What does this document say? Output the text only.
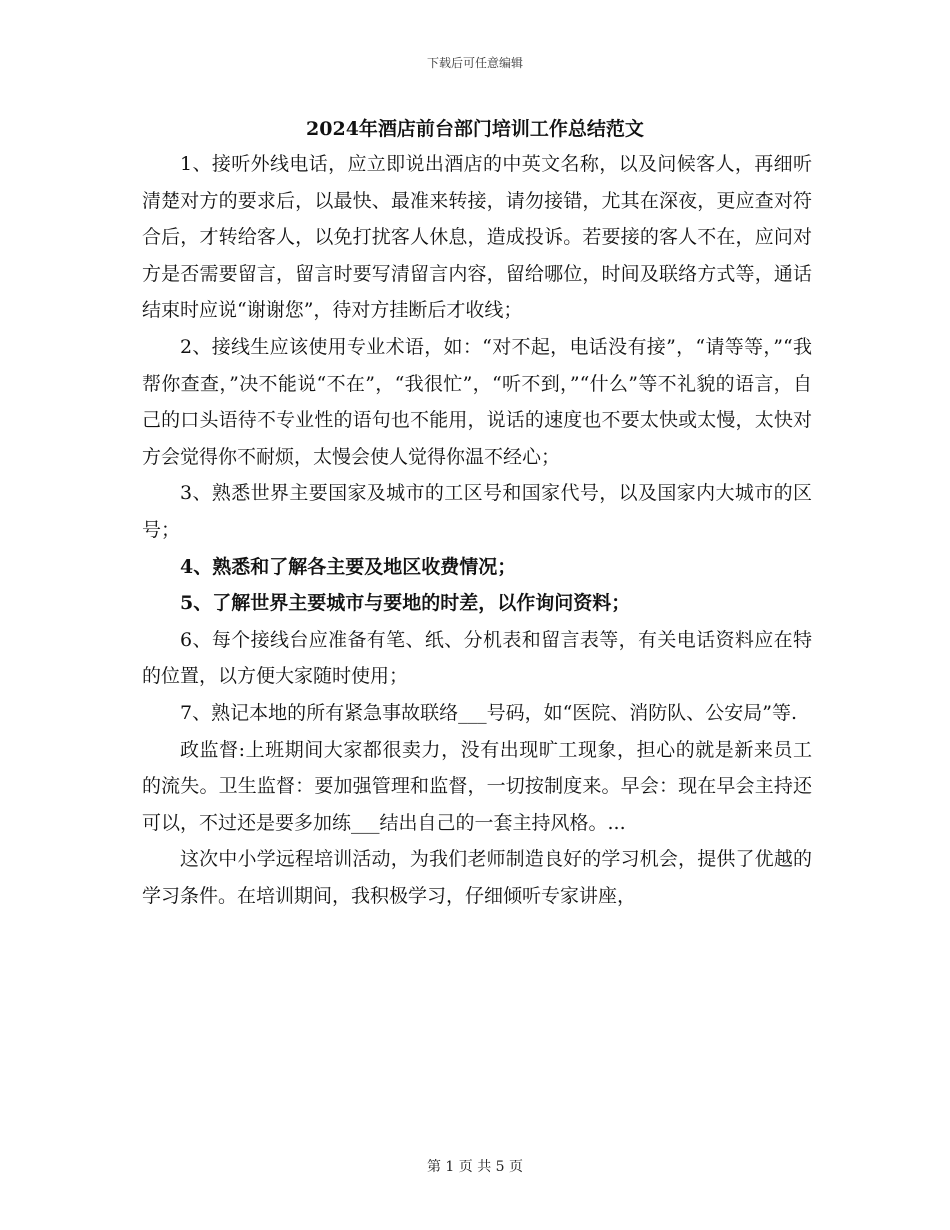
下载后可任意编辑
2024年酒店前台部门培训工作总结范文

1、接听外线电话，应立即说出酒店的中英文名称，以及问候客人，再细听清楚对方的要求后，以最快、最准来转接，请勿接错，尤其在深夜，更应查对符合后，才转给客人，以免打扰客人休息，造成投诉。若要接的客人不在，应问对方是否需要留言，留言时要写清留言内容，留给哪位，时间及联络方式等，通话结束时应说“谢谢您”，待对方挂断后才收线；

2、接线生应该使用专业术语，如：“对不起，电话没有接”，“请等等，”“我帮你查查，”决不能说“不在”，“我很忙”，“听不到，”“什么”等不礼貌的语言，自己的口头语待不专业性的语句也不能用，说话的速度也不要太快或太慢，太快对方会觉得你不耐烦，太慢会使人觉得你温不经心；

3、熟悉世界主要国家及城市的工区号和国家代号，以及国家内大城市的区号；

4、熟悉和了解各主要及地区收费情况；

5、了解世界主要城市与要地的时差，以作询问资料；

6、每个接线台应准备有笔、纸、分机表和留言表等，有关电话资料应在特的位置，以方便大家随时使用；

7、熟记本地的所有紧急事故联络___号码，如“医院、消防队、公安局”等.

政监督:上班期间大家都很卖力，没有出现旷工现象，担心的就是新来员工的流失。卫生监督：要加强管理和监督，一切按制度来。早会：现在早会主持还可以，不过还是要多加练___结出自己的一套主持风格。...

这次中小学远程培训活动，为我们老师制造良好的学习机会，提供了优越的学习条件。在培训期间，我积极学习，仔细倾听专家讲座，

第 1 页 共 5 页
